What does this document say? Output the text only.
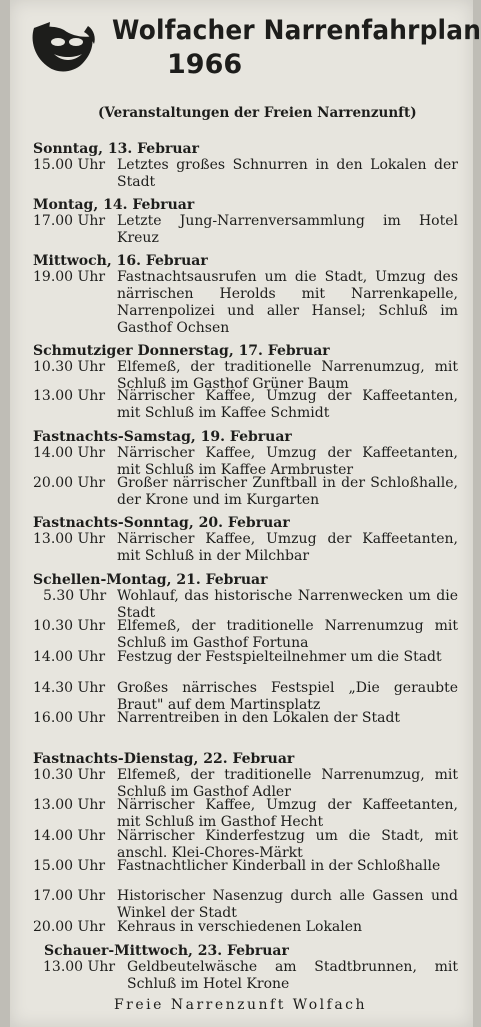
Wolfacher Narrenfahrplan
1966
(Veranstaltungen der Freien Narrenzunft)
Sonntag, 13. Februar
15.00 Uhr Letztes großes Schnurren in den Lokalen der Stadt
Montag, 14. Februar
17.00 Uhr Letzte Jung-Narrenversammlung im Hotel Kreuz
Mittwoch, 16. Februar
19.00 Uhr Fastnachtsausrufen um die Stadt, Umzug des närrischen Herolds mit Narrenkapelle, Narrenpolizei und aller Hansel; Schluß im Gasthof Ochsen
Schmutziger Donnerstag, 17. Februar
10.30 Uhr Elfemeß, der traditionelle Narrenumzug, mit Schluß im Gasthof Grüner Baum
13.00 Uhr Närrischer Kaffee, Umzug der Kaffeetanten, mit Schluß im Kaffee Schmidt
Fastnachts-Samstag, 19. Februar
14.00 Uhr Närrischer Kaffee, Umzug der Kaffeetanten, mit Schluß im Kaffee Armbruster
20.00 Uhr Großer närrischer Zunftball in der Schloßhalle, der Krone und im Kurgarten
Fastnachts-Sonntag, 20. Februar
13.00 Uhr Närrischer Kaffee, Umzug der Kaffeetanten, mit Schluß in der Milchbar
Schellen-Montag, 21. Februar
5.30 Uhr Wohlauf, das historische Narrenwecken um die Stadt
10.30 Uhr Elfemeß, der traditionelle Narrenumzug mit Schluß im Gasthof Fortuna
14.00 Uhr Festzug der Festspielteilnehmer um die Stadt
14.30 Uhr Großes närrisches Festspiel „Die geraubte Braut" auf dem Martinsplatz
16.00 Uhr Narrentreiben in den Lokalen der Stadt
Fastnachts-Dienstag, 22. Februar
10.30 Uhr Elfemeß, der traditionelle Narrenumzug, mit Schluß im Gasthof Adler
13.00 Uhr Närrischer Kaffee, Umzug der Kaffeetanten, mit Schluß im Gasthof Hecht
14.00 Uhr Närrischer Kinderfestzug um die Stadt, mit anschl. Klei-Chores-Märkt
15.00 Uhr Fastnachtlicher Kinderball in der Schloßhalle
17.00 Uhr Historischer Nasenzug durch alle Gassen und Winkel der Stadt
20.00 Uhr Kehraus in verschiedenen Lokalen
Schauer-Mittwoch, 23. Februar
13.00 Uhr Geldbeutelwäsche am Stadtbrunnen, mit Schluß im Hotel Krone
Freie Narrenzunft Wolfach
